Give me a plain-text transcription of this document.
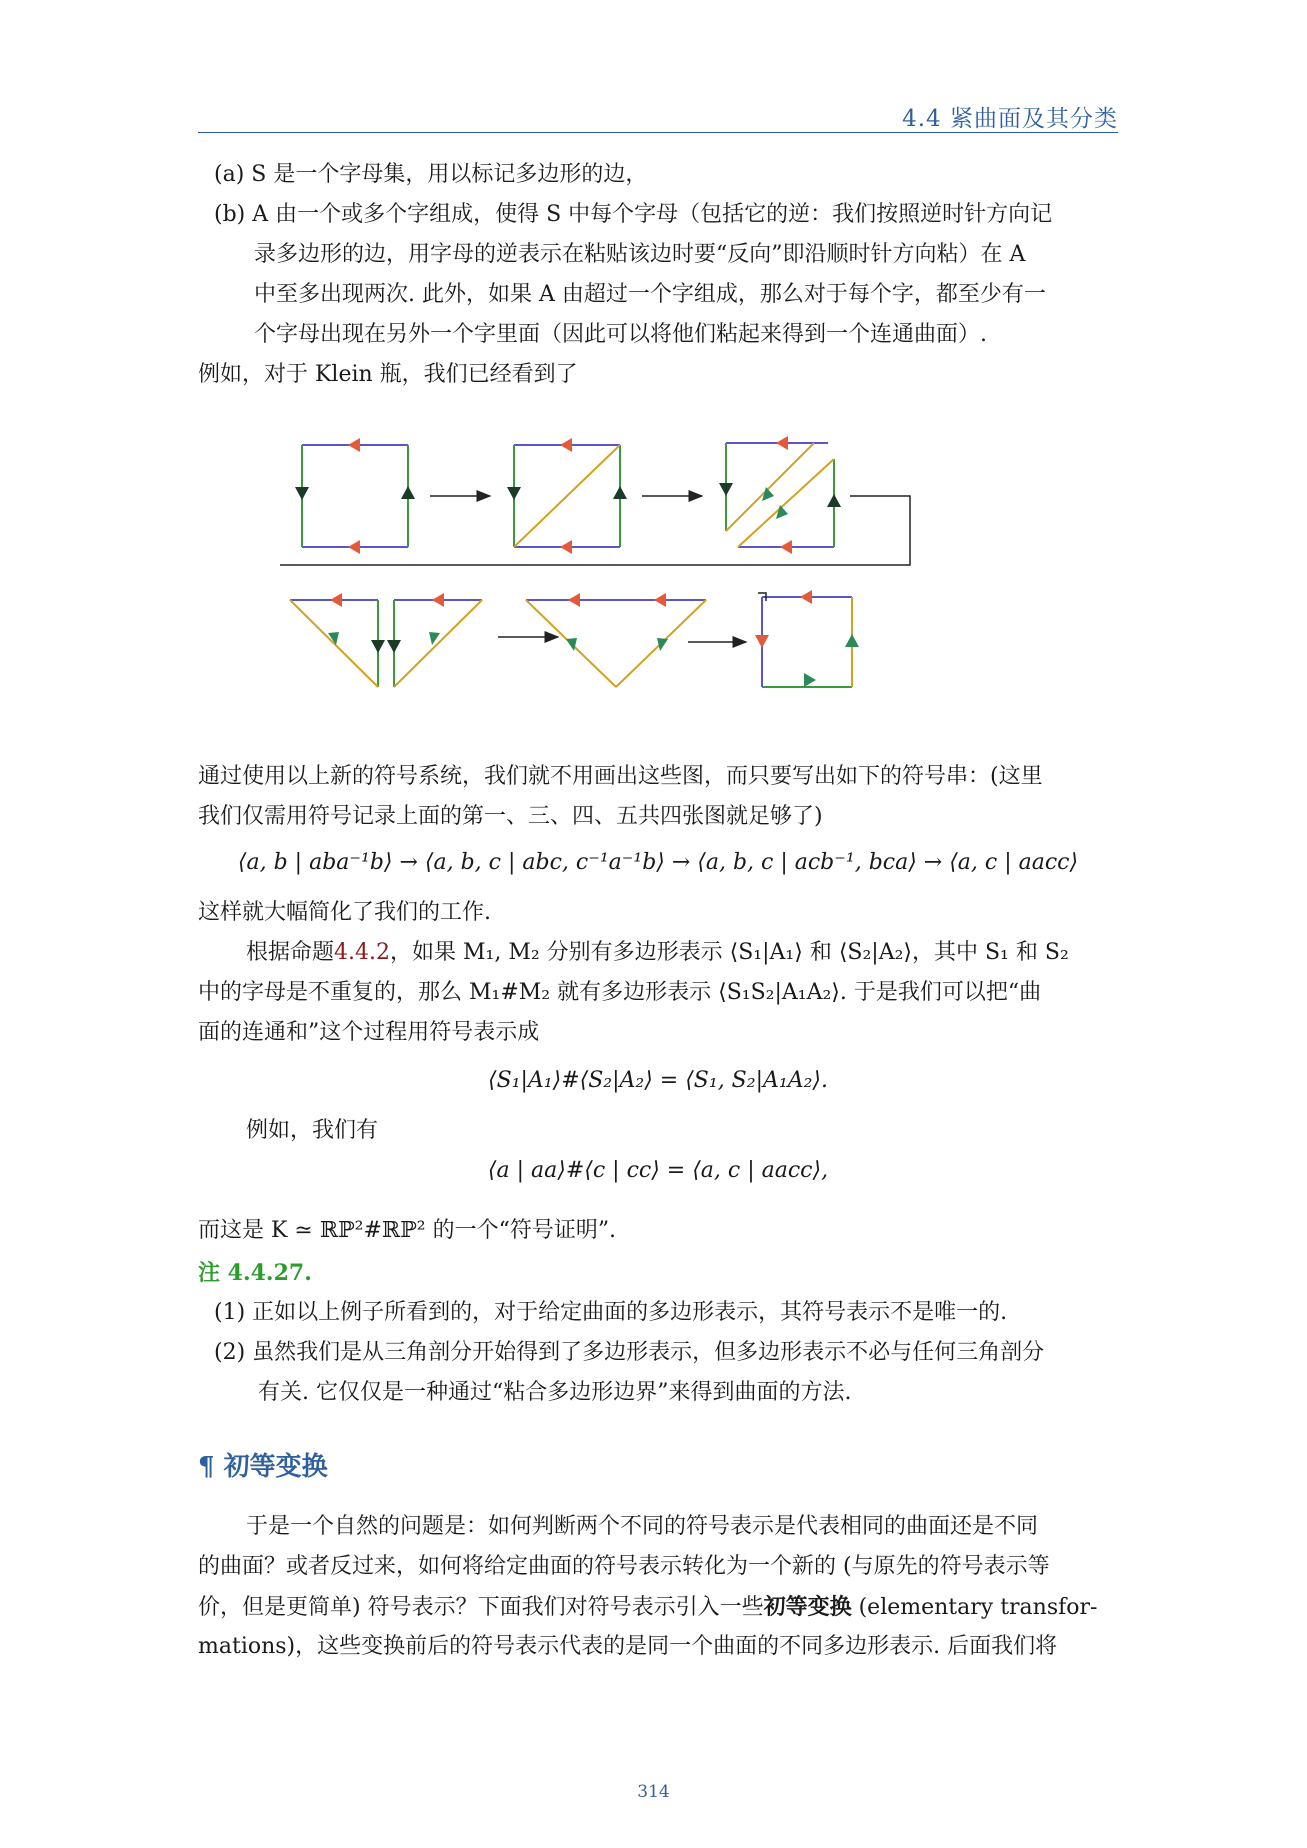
4.4 紧曲面及其分类
(a) S 是一个字母集，用以标记多边形的边，
(b) A 由一个或多个字组成，使得 S 中每个字母（包括它的逆：我们按照逆时针方向记
录多边形的边，用字母的逆表示在粘贴该边时要“反向”即沿顺时针方向粘）在 A
中至多出现两次. 此外，如果 A 由超过一个字组成，那么对于每个字，都至少有一
个字母出现在另外一个字里面（因此可以将他们粘起来得到一个连通曲面）.
例如，对于 Klein 瓶，我们已经看到了
通过使用以上新的符号系统，我们就不用画出这些图，而只要写出如下的符号串：(这里
我们仅需用符号记录上面的第一、三、四、五共四张图就足够了)
⟨a, b | aba⁻¹b⟩ → ⟨a, b, c | abc, c⁻¹a⁻¹b⟩ → ⟨a, b, c | acb⁻¹, bca⟩ → ⟨a, c | aacc⟩
这样就大幅简化了我们的工作.
根据命题4.4.2，如果 M₁, M₂ 分别有多边形表示 ⟨S₁|A₁⟩ 和 ⟨S₂|A₂⟩，其中 S₁ 和 S₂
中的字母是不重复的，那么 M₁#M₂ 就有多边形表示 ⟨S₁S₂|A₁A₂⟩. 于是我们可以把“曲
面的连通和”这个过程用符号表示成
⟨S₁|A₁⟩#⟨S₂|A₂⟩ = ⟨S₁, S₂|A₁A₂⟩.
例如，我们有
⟨a | aa⟩#⟨c | cc⟩ = ⟨a, c | aacc⟩,
而这是 K ≃ ℝℙ²#ℝℙ² 的一个“符号证明”.
注 4.4.27.
(1) 正如以上例子所看到的，对于给定曲面的多边形表示，其符号表示不是唯一的.
(2) 虽然我们是从三角剖分开始得到了多边形表示，但多边形表示不必与任何三角剖分
有关. 它仅仅是一种通过“粘合多边形边界”来得到曲面的方法.
¶ 初等变换
于是一个自然的问题是：如何判断两个不同的符号表示是代表相同的曲面还是不同
的曲面？或者反过来，如何将给定曲面的符号表示转化为一个新的 (与原先的符号表示等
价，但是更简单) 符号表示？下面我们对符号表示引入一些初等变换 (elementary transfor-
mations)，这些变换前后的符号表示代表的是同一个曲面的不同多边形表示. 后面我们将
314
